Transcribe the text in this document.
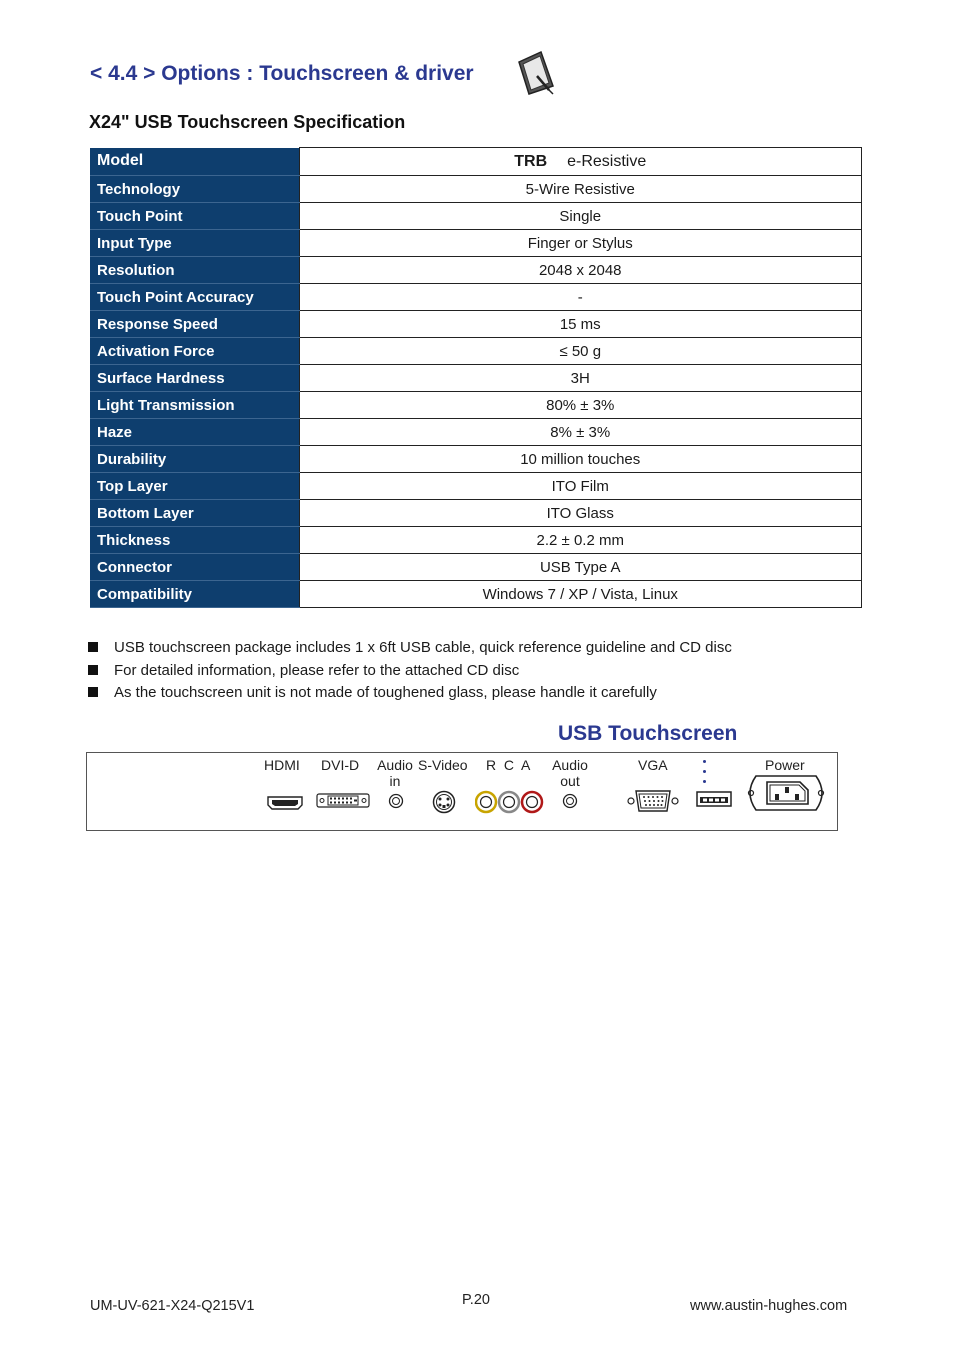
< 4.4 > Options : Touchscreen & driver
X24" USB Touchscreen Specification
Model	TRB e-Resistive
Technology	5-Wire Resistive
Touch Point	Single
Input Type	Finger or Stylus
Resolution	2048 x 2048
Touch Point Accuracy	-
Response Speed	15 ms
Activation Force	≤ 50 g
Surface Hardness	3H
Light Transmission	80% ± 3%
Haze	8% ± 3%
Durability	10 million touches
Top Layer	ITO Film
Bottom Layer	ITO Glass
Thickness	2.2 ± 0.2 mm
Connector	USB Type A
Compatibility	Windows 7 / XP / Vista, Linux
USB touchscreen package includes 1 x 6ft USB cable, quick reference guideline and CD disc
For detailed information, please refer to the attached CD disc
As the touchscreen unit is not made of toughened glass, please handle it carefully
USB Touchscreen
HDMI DVI-D Audio
in
S-Video R  C  A Audio
out
VGA	Power
UM-UV-621-X24-Q215V1	P.20	www.austin-hughes.com
